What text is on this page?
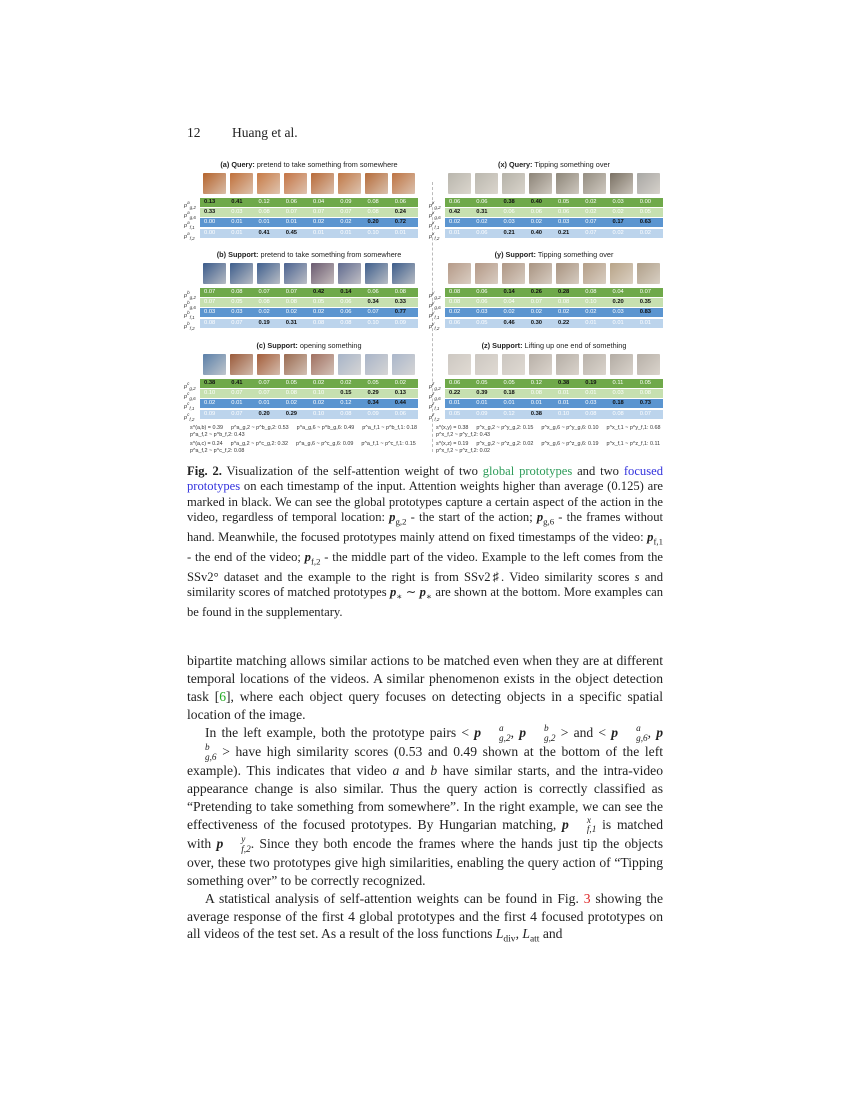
12 Huang et al.
(a) Query: pretend to take something from somewhere
$p^a_{g,2}$
0.13	0.41	0.12	0.06	0.04	0.09	0.08	0.06
$p^a_{g,6}$
0.33	0.03	0.08	0.07	0.07	0.07	0.08	0.24
$p^a_{f,1}$
0.00	0.01	0.01	0.01	0.02	0.02	0.20	0.72
$p^a_{f,2}$
0.00	0.01	0.41	0.45	0.01	0.01	0.10	0.01
(x) Query: Tipping something over
$p^x_{g,2}$
0.06	0.06	0.38	0.40	0.05	0.02	0.03	0.00
$p^x_{g,6}$
0.42	0.31	0.06	0.06	0.06	0.02	0.02	0.05
$p^x_{f,1}$
0.02	0.02	0.03	0.02	0.03	0.07	0.17	0.63
$p^x_{f,2}$
0.01	0.06	0.21	0.40	0.21	0.07	0.02	0.02
(b) Support: pretend to take something from somewhere
$p^b_{g,2}$
0.07	0.08	0.07	0.07	0.42	0.14	0.06	0.08
$p^b_{g,6}$
0.07	0.05	0.08	0.08	0.05	0.06	0.34	0.33
$p^b_{f,1}$
0.03	0.03	0.02	0.02	0.02	0.06	0.07	0.77
$p^b_{f,2}$
0.08	0.07	0.19	0.31	0.08	0.08	0.10	0.09
(y) Support: Tipping something over
$p^y_{g,2}$
0.08	0.06	0.14	0.26	0.28	0.08	0.04	0.07
$p^y_{g,6}$
0.08	0.06	0.04	0.07	0.08	0.10	0.20	0.35
$p^y_{f,1}$
0.02	0.03	0.02	0.02	0.02	0.02	0.03	0.83
$p^y_{f,2}$
0.06	0.05	0.46	0.30	0.22	0.01	0.01	0.01
(c) Support: opening something
$p^c_{g,2}$
0.38	0.41	0.07	0.05	0.02	0.02	0.05	0.02
$p^c_{g,6}$
0.10	0.07	0.07	0.08	0.10	0.15	0.29	0.13
$p^c_{f,1}$
0.02	0.01	0.01	0.02	0.02	0.12	0.34	0.44
$p^c_{f,2}$
0.09	0.07	0.20	0.29	0.10	0.08	0.09	0.06
(z) Support: Lifting up one end of something
$p^z_{g,2}$
0.06	0.05	0.05	0.12	0.38	0.19	0.11	0.05
$p^z_{g,6}$
0.22	0.39	0.18	0.08	0.01	0.01	0.03	0.08
$p^z_{f,1}$
0.01	0.01	0.01	0.01	0.01	0.03	0.18	0.73
$p^z_{f,2}$
0.05	0.09	0.12	0.38	0.10	0.08	0.08	0.07
s^(a,b) = 0.39 p^a_g,2 ~ p^b_g,2: 0.53 p^a_g,6 ~ p^b_g,6: 0.49 p^a_f,1 ~ p^b_f,1: 0.18
p^a_f,2 ~ p^b_f,2: 0.43
s^(a,c) = 0.24 p^a_g,2 ~ p^c_g,2: 0.32 p^a_g,6 ~ p^c_g,6: 0.09 p^a_f,1 ~ p^c_f,1: 0.15
p^a_f,2 ~ p^c_f,2: 0.08
s^(x,y) = 0.38 p^x_g,2 ~ p^y_g,2: 0.15 p^x_g,6 ~ p^y_g,6: 0.10 p^x_f,1 ~ p^y_f,1: 0.68
p^x_f,2 ~ p^y_f,2: 0.43
s^(x,z) = 0.19 p^x_g,2 ~ p^z_g,2: 0.02 p^x_g,6 ~ p^z_g,6: 0.19 p^x_f,1 ~ p^z_f,1: 0.11
p^x_f,2 ~ p^z_f,2: 0.02
Fig. 2. Visualization of the self-attention weight of two global prototypes and two focused prototypes on each timestamp of the input. Attention weights higher than average (0.125) are marked in black. We can see the global prototypes capture a certain aspect of the action in the video, regardless of temporal location: $p_{g,2}$ - the start of the action; $p_{g,6}$ - the frames without hand. Meanwhile, the focused prototypes mainly attend on fixed timestamps of the video: $p_{f,1}$ - the end of the video; $p_{f,2}$ - the middle part of the video. Example to the left comes from the SSv2° dataset and the example to the right is from SSv2♯. Video similarity scores s and similarity scores of matched prototypes $p_∗$ ∼ $p_∗$ are shown at the bottom. More examples can be found in the supplementary.

bipartite matching allows similar actions to be matched even when they are at different temporal locations of the videos. A similar phenomenon exists in the object detection task [6], where each object query focuses on detecting objects in a specific spatial location of the image.

In the left example, both the prototype pairs < p	a
g,2 , p	b
g,2 > and < p	a
g,6 , p
b
g,6 > have high similarity scores (0.53 and 0.49 shown at the bottom of the left example). This indicates that video a and b have similar starts, and the intra-video appearance change is also similar. Thus the query action is correctly classified as “Pretending to take something from somewhere”. In the right example, we can see the effectiveness of the focused prototypes. By Hungarian matching, p	x
f,1 is matched with p	y
f,2 . Since they both encode the frames where the hands just tip the objects over, these two prototypes give high similarities, enabling the query action of “Tipping something over” to be correctly recognized.

A statistical analysis of self-attention weights can be found in Fig. 3 showing the average response of the first 4 global prototypes and the first 4 focused prototypes on all videos of the test set. As a result of the loss functions $L_{div}$, $L_{att}$ and
